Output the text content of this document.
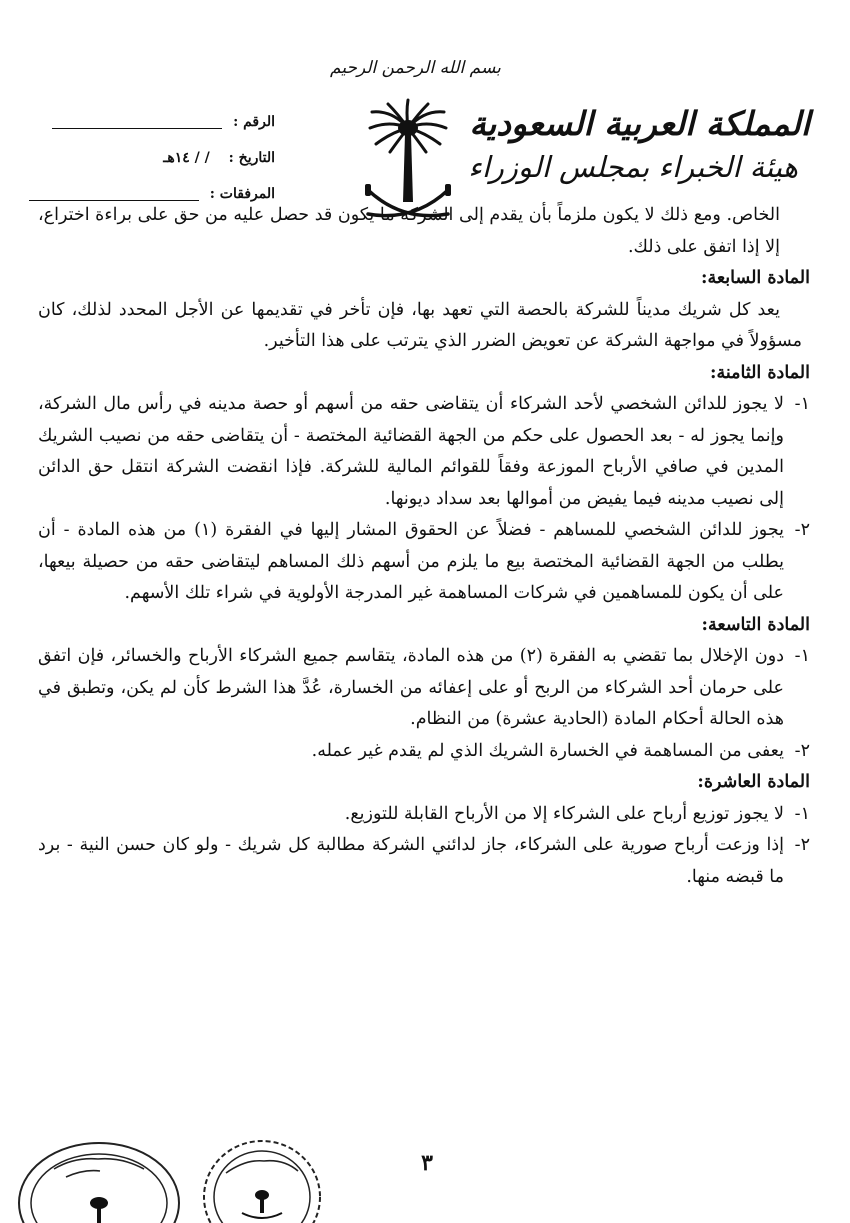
بسم الله الرحمن الرحيم
المملكة العربية السعودية
هيئة الخبراء بمجلس الوزراء
الرقم :
التاريخ : / / ١٤هـ
المرفقات :

الخاص. ومع ذلك لا يكون ملزماً بأن يقدم إلى الشركة ما يكون قد حصل عليه من حق على براءة اختراع، إلا إذا اتفق على ذلك.

المادة السابعة:

يعد كل شريك مديناً للشركة بالحصة التي تعهد بها، فإن تأخر في تقديمها عن الأجل المحدد لذلك، كان مسؤولاً في مواجهة الشركة عن تعويض الضرر الذي يترتب على هذا التأخير.

المادة الثامنة:

١-
لا يجوز للدائن الشخصي لأحد الشركاء أن يتقاضى حقه من أسهم أو حصة مدينه في رأس مال الشركة، وإنما يجوز له - بعد الحصول على حكم من الجهة القضائية المختصة - أن يتقاضى حقه من نصيب الشريك المدين في صافي الأرباح الموزعة وفقاً للقوائم المالية للشركة. فإذا انقضت الشركة انتقل حق الدائن إلى نصيب مدينه فيما يفيض من أموالها بعد سداد ديونها.
٢-
يجوز للدائن الشخصي للمساهم - فضلاً عن الحقوق المشار إليها في الفقرة (١) من هذه المادة - أن يطلب من الجهة القضائية المختصة بيع ما يلزم من أسهم ذلك المساهم ليتقاضى حقه من حصيلة بيعها، على أن يكون للمساهمين في شركات المساهمة غير المدرجة الأولوية في شراء تلك الأسهم.

المادة التاسعة:

١-
دون الإخلال بما تقضي به الفقرة (٢) من هذه المادة، يتقاسم جميع الشركاء الأرباح والخسائر، فإن اتفق على حرمان أحد الشركاء من الربح أو على إعفائه من الخسارة، عُدَّ هذا الشرط كأن لم يكن، وتطبق في هذه الحالة أحكام المادة (الحادية عشرة) من النظام.
٢-
يعفى من المساهمة في الخسارة الشريك الذي لم يقدم غير عمله.

المادة العاشرة:

١-
لا يجوز توزيع أرباح على الشركاء إلا من الأرباح القابلة للتوزيع.
٢-
إذا وزعت أرباح صورية على الشركاء، جاز لدائني الشركة مطالبة كل شريك - ولو كان حسن النية - برد ما قبضه منها.
٣
